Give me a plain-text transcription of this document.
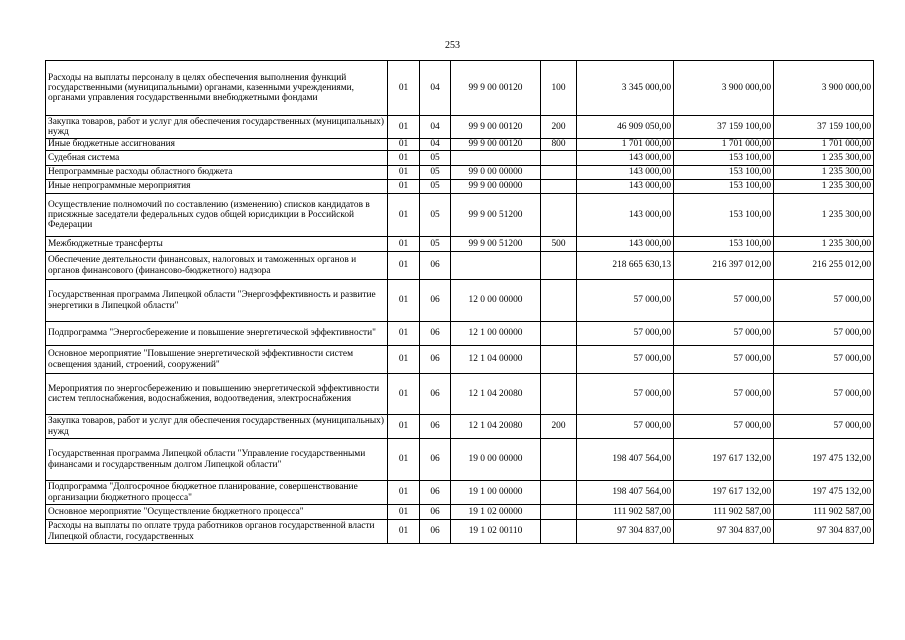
253
Расходы на выплаты персоналу в целях обеспечения выполнения функций государственными (муниципальными) органами, казенными учреждениями, органами управления государственными внебюджетными фондами	01	04	99 9 00 00120	100	3 345 000,00	3 900 000,00	3 900 000,00
Закупка товаров, работ и услуг для обеспечения государственных (муниципальных) нужд	01	04	99 9 00 00120	200	46 909 050,00	37 159 100,00	37 159 100,00
Иные бюджетные ассигнования	01	04	99 9 00 00120	800	1 701 000,00	1 701 000,00	1 701 000,00
Судебная система	01	05			143 000,00	153 100,00	1 235 300,00
Непрограммные расходы областного бюджета	01	05	99 0 00 00000		143 000,00	153 100,00	1 235 300,00
Иные непрограммные мероприятия	01	05	99 9 00 00000		143 000,00	153 100,00	1 235 300,00
Осуществление полномочий по составлению (изменению) списков кандидатов в присяжные заседатели федеральных судов общей юрисдикции в Российской Федерации	01	05	99 9 00 51200		143 000,00	153 100,00	1 235 300,00
Межбюджетные трансферты	01	05	99 9 00 51200	500	143 000,00	153 100,00	1 235 300,00
Обеспечение деятельности финансовых, налоговых и таможенных органов и органов финансового (финансово-бюджетного) надзора	01	06			218 665 630,13	216 397 012,00	216 255 012,00
Государственная программа Липецкой области "Энергоэффективность и развитие энергетики в Липецкой области"	01	06	12 0 00 00000		57 000,00	57 000,00	57 000,00
Подпрограмма "Энергосбережение и повышение энергетической эффективности"	01	06	12 1 00 00000		57 000,00	57 000,00	57 000,00
Основное мероприятие "Повышение энергетической эффективности систем освещения зданий, строений, сооружений"	01	06	12 1 04 00000		57 000,00	57 000,00	57 000,00
Мероприятия по энергосбережению и повышению энергетической эффективности систем теплоснабжения, водоснабжения, водоотведения, электроснабжения	01	06	12 1 04 20080		57 000,00	57 000,00	57 000,00
Закупка товаров, работ и услуг для обеспечения государственных (муниципальных) нужд	01	06	12 1 04 20080	200	57 000,00	57 000,00	57 000,00
Государственная программа Липецкой области "Управление государственными финансами и государственным долгом Липецкой области"	01	06	19 0 00 00000		198 407 564,00	197 617 132,00	197 475 132,00
Подпрограмма "Долгосрочное бюджетное планирование, совершенствование организации бюджетного процесса"	01	06	19 1 00 00000		198 407 564,00	197 617 132,00	197 475 132,00
Основное мероприятие "Осуществление бюджетного процесса"	01	06	19 1 02 00000		111 902 587,00	111 902 587,00	111 902 587,00
Расходы на выплаты по оплате труда работников органов государственной власти Липецкой области, государственных	01	06	19 1 02 00110		97 304 837,00	97 304 837,00	97 304 837,00
